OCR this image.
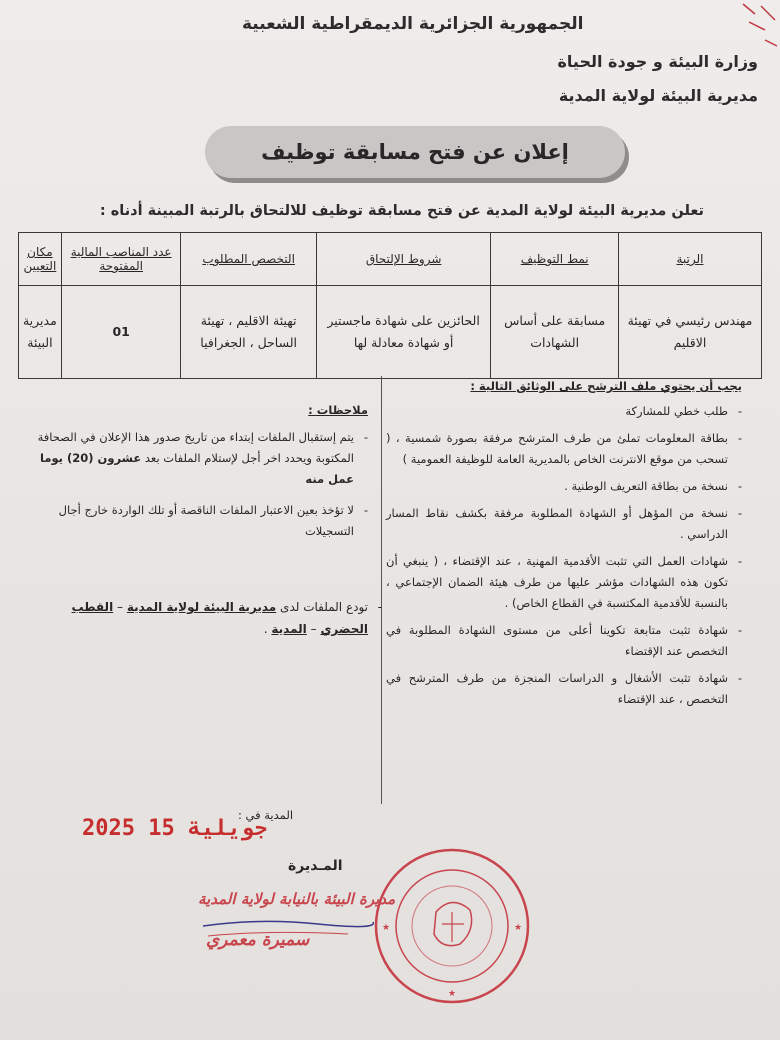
الجمهورية الجزائرية الديمقراطية الشعبية
وزارة البيئة و جودة الحياة
مديرية البيئة لولاية المدية
إعلان عن فتح مسابقة توظيف
تعلن مديرية البيئة لولاية المدية عن فتح مسابقة توظيف للالتحاق بالرتبة المبينة أدناه :
الرتبة	نمط التوظيف	شروط الإلتحاق	التخصص المطلوب	عدد المناصب المالية المفتوحة	مكان التعيين
مهندس رئيسي في تهيئة الاقليم	مسابقة على أساس الشهادات	الحائزين على شهادة ماجستير أو شهادة معادلة لها	تهيئة الاقليم ، تهيئة الساحل ، الجغرافيا	01	مديرية البيئة
يجب أن يحتوي ملف الترشح على الوثائق التالية :
- طلب خطي للمشاركة
- بطاقة المعلومات تملئ من طرف المترشح مرفقة بصورة شمسية ، ( تسحب من موقع الانترنت الخاص بالمديرية العامة للوظيفة العمومية )
- نسخة من بطاقة التعريف الوطنية .
- نسخة من المؤهل أو الشهادة المطلوبة مرفقة بكشف نقاط المسار الدراسي .
- شهادات العمل التي تثبت الأقدمية المهنية ، عند الإقتضاء ، ( ينبغي أن تكون هذه الشهادات مؤشر عليها من طرف هيئة الضمان الإجتماعي ، بالنسبة للأقدمية المكتسبة في القطاع الخاص) .
- شهادة تثبت متابعة تكوينا أعلى من مستوى الشهادة المطلوبة في التخصص عند الإقتضاء
- شهادة تثبت الأشغال و الدراسات المنجزة من طرف المترشح في التخصص ، عند الإقتضاء
ملاحظات :
- يتم إستقبال الملفات إبتداء من تاريخ صدور هذا الإعلان في الصحافة المكتوبة ويحدد اخر أجل لإستلام الملفات بعد عشرون (20) يوما عمل منه
- لا تؤخذ بعين الاعتبار الملفات الناقصة أو تلك الواردة خارج أجال التسجيلات
- تودع الملفات لدى مديرية البيئة لولاية المدية – القطب الحضري – المدية .
المدية في :
2025 15 جويلية
المـديرة
مديرة البيئة بالنيابة لولاية المدية
سميرة معمري
★
★	★
